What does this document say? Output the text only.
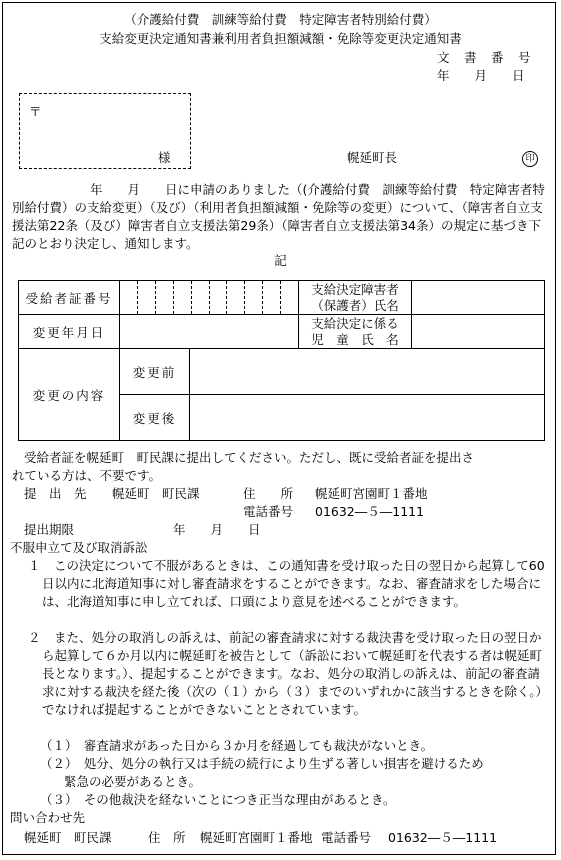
（介護給付費　訓練等給付費　特定障害者特別給付費）
支給変更決定通知書兼利用者負担額減額・免除等変更決定通知書
文　書　番　号
年　　月　　日
〒
様	幌延町長	印
年　　月　　日に申請のありました（(介護給付費　訓練等給付費　特定障害者特別給付費）の支給変更）（及び）（利用者負担額減額・免除等の変更）について、（障害者自立支援法第22条（及び）障害者自立支援法第29条）（障害者自立支援法第34条）の規定に基づき下記のとおり決定し、通知します。
記
受給者証番号			支給決定障害者
（保護者）氏名	

変更年月日			支給決定に係る
児　童　氏　名	

変更の内容	変更前			
	変更後			
受給者証を幌延町　町民課に提出してください。ただし、既に受給者証を提出さ
れている方は、不要です。
提　出　先 幌延町　町民課	住　　所 幌延町宮園町１番地
電話番号 01632―５―1111
提出期限	年　　月　　日
不服申立て及び取消訴訟
１	この決定について不服があるときは、この通知書を受け取った日の翌日から起算して60日以内に北海道知事に対し審査請求をすることができます。なお、審査請求をした場合には、北海道知事に申し立てれば、口頭により意見を述べることができます。
２	また、処分の取消しの訴えは、前記の審査請求に対する裁決書を受け取った日の翌日から起算して６か月以内に幌延町を被告として（訴訟において幌延町を代表する者は幌延町長となります。）、提起することができます。なお、処分の取消しの訴えは、前記の審査請求に対する裁決を経た後（次の（１）から（３）までのいずれかに該当するときを除く。）でなければ提起することができないこととされています。
（１）　審査請求があった日から３か月を経過しても裁決がないとき。
（２）　処分、処分の執行又は手続の続行により生ずる著しい損害を避けるため
緊急の必要があるとき。
（３）　その他裁決を経ないことにつき正当な理由があるとき。
問い合わせ先
幌延町　町民課	住　所 幌延町宮園町１番地 電話番号 01632―５―1111
